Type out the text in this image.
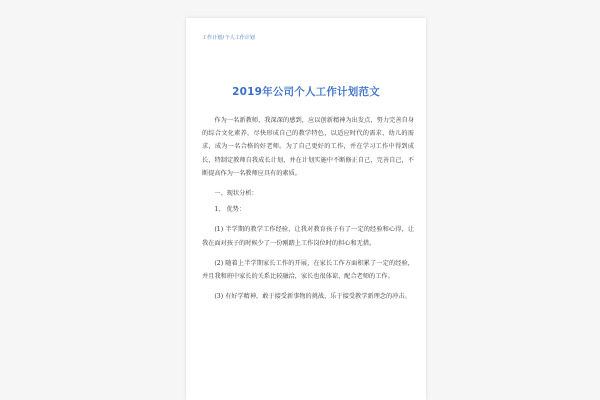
工作计划/个人工作计划
2019年公司个人工作计划范文

作为一名新教师，我深深的感到，应以创新精神为出发点，努力完善自身的综合文化素养，尽快形成自己的教学特色，以适应时代的需求、幼儿的需求，成为一名合格的好老师。为了自己更好的工作，并在学习工作中得到成长，特制定教师自我成长计划，并在计划实施中不断修正自己，完善自己，不断提高作为一名教师应具有的素质。

一、现状分析：

1、 优势：

(1) 半学期的教学工作经验，让我对教育孩子有了一定的经验和心得，让我在面对孩子的时候少了一份刚踏上工作岗位时的担心和无措。

(2) 随着上半学期家长工作的开展，在家长工作方面积累了一定的经验，并且我和班中家长的关系比较融洽，家长也很体谅、配合老师的工作。

(3) 有好学精神，敢于接受新事物的挑战，乐于接受教学新理念的冲击。
